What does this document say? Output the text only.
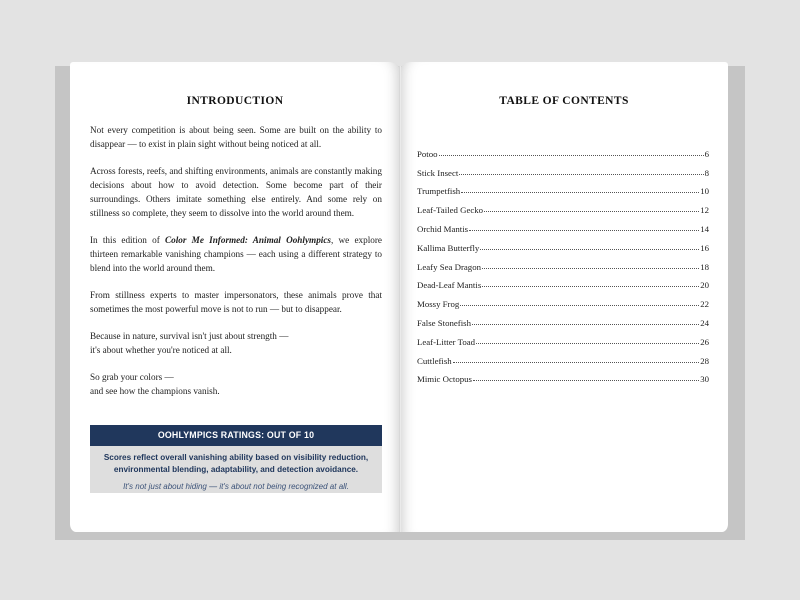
INTRODUCTION

Not every competition is about being seen. Some are built on the ability to disappear — to exist in plain sight without being noticed at all.

Across forests, reefs, and shifting environments, animals are constantly making decisions about how to avoid detection. Some become part of their surroundings. Others imitate something else entirely. And some rely on stillness so complete, they seem to dissolve into the world around them.

In this edition of Color Me Informed: Animal Oohlympics, we explore thirteen remarkable vanishing champions — each using a different strategy to blend into the world around them.

From stillness experts to master impersonators, these animals prove that sometimes the most powerful move is not to run — but to disappear.

Because in nature, survival isn't just about strength —
it's about whether you're noticed at all.

So grab your colors —
and see how the champions vanish.

OOHLYMPICS RATINGS: OUT OF 10
Scores reflect overall vanishing ability based on visibility reduction, environmental blending, adaptability, and detection avoidance.
It's not just about hiding — it's about not being recognized at all.
TABLE OF CONTENTS
Potoo	6
Stick Insect	8
Trumpetfish	10
Leaf-Tailed Gecko	12
Orchid Mantis	14
Kallima Butterfly	16
Leafy Sea Dragon	18
Dead-Leaf Mantis	20
Mossy Frog	22
False Stonefish	24
Leaf-Litter Toad	26
Cuttlefish	28
Mimic Octopus	30
